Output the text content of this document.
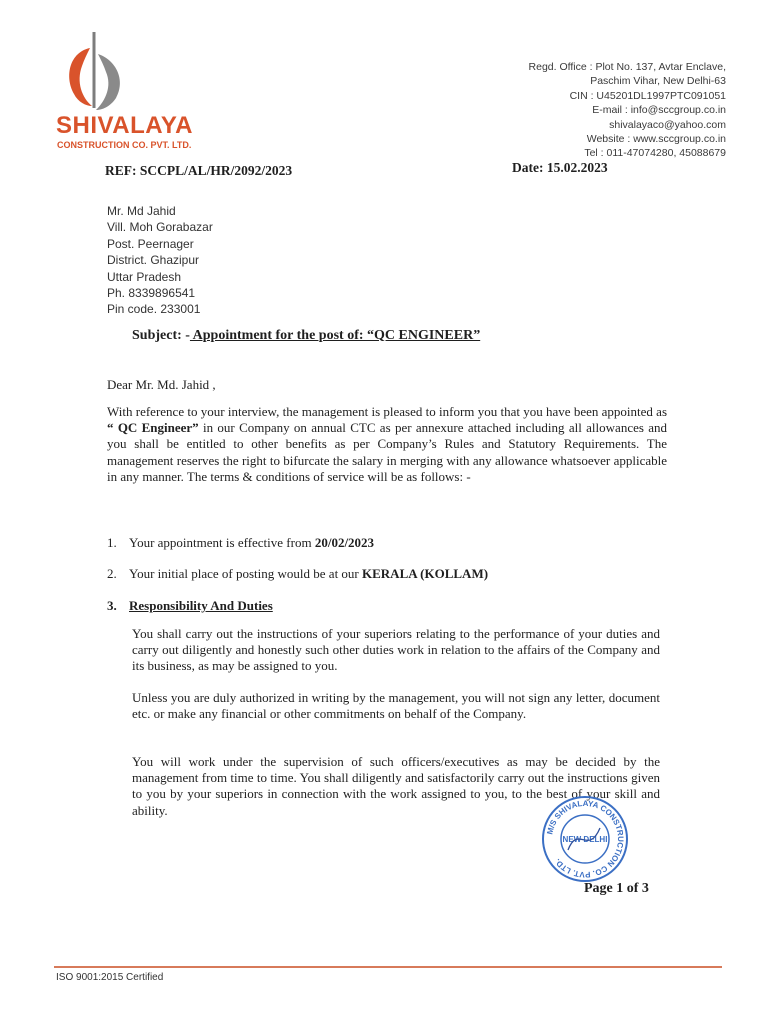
SHIVALAYA
CONSTRUCTION CO. PVT. LTD.
Regd. Office : Plot No. 137, Avtar Enclave,
Paschim Vihar, New Delhi-63
CIN : U45201DL1997PTC091051
E-mail : info@sccgroup.co.in
shivalayaco@yahoo.com
Website : www.sccgroup.co.in
Tel : 011-47074280, 45088679
REF: SCCPL/AL/HR/2092/2023	Date: 15.02.2023
Mr. Md Jahid
Vill. Moh Gorabazar
Post. Peernager
District. Ghazipur
Uttar Pradesh
Ph. 8339896541
Pin code. 233001
Subject: - Appointment for the post of: “QC ENGINEER”
Dear Mr. Md. Jahid ,
With reference to your interview, the management is pleased to inform you that you have been appointed as “ QC Engineer” in our Company on annual CTC as per annexure attached including all allowances and you shall be entitled to other benefits as per Company’s Rules and Statutory Requirements. The management reserves the right to bifurcate the salary in merging with any allowance whatsoever applicable in any manner. The terms & conditions of service will be as follows: -
1. Your appointment is effective from 20/02/2023
2. Your initial place of posting would be at our KERALA (KOLLAM)
3. Responsibility And Duties
You shall carry out the instructions of your superiors relating to the performance of your duties and carry out diligently and honestly such other duties work in relation to the affairs of the Company and its business, as may be assigned to you.
Unless you are duly authorized in writing by the management, you will not sign any letter, document etc. or make any financial or other commitments on behalf of the Company.
You will work under the supervision of such officers/executives as may be decided by the management from time to time. You shall diligently and satisfactorily carry out the instructions given to you by your superiors in connection with the work assigned to you, to the best of your skill and ability.
M/S SHIVALAYA CONSTRUCTION CO. PVT. LTD.
NEW DELHI
Page 1 of 3
ISO 9001:2015 Certified
